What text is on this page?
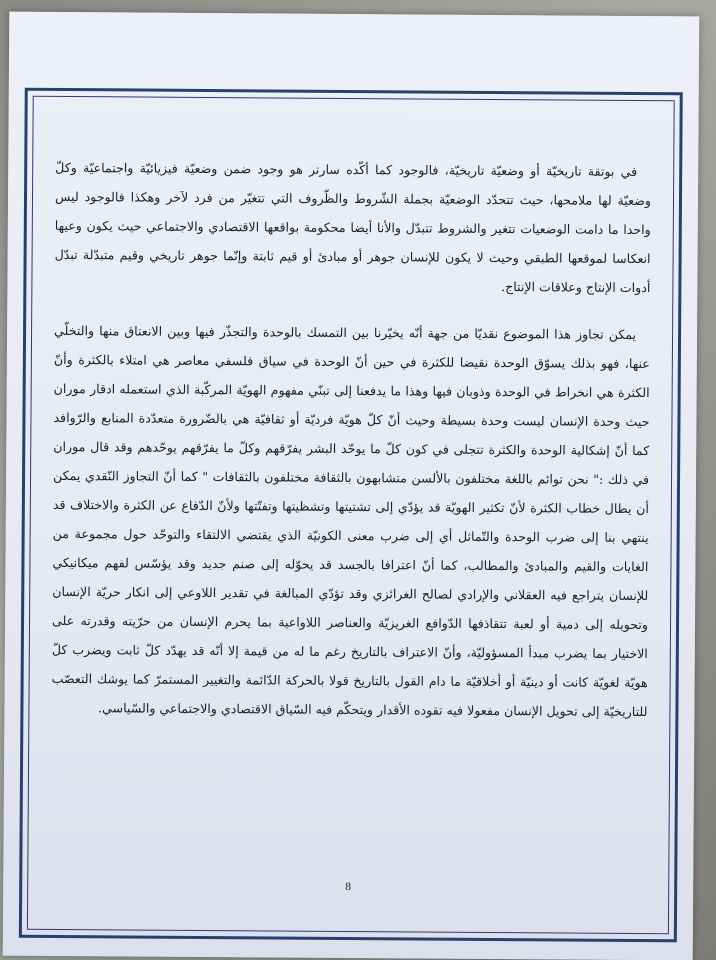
في بوتقة تاريخيّة أو وضعيّة تاريخيّة، فالوجود كما أكّده سارتر هو وجود ضمن وضعيّة فيزيائيّة واجتماعيّة وكلّ وضعيّة لها ملامحها، حيث تتحدّد الوضعيّة بجملة الشّروط والظّروف التي تتغيّر من فرد لآخر وهكذا فالوجود ليس واحدا ما دامت الوضعيات تتغير والشروط تتبدّل والأنا أيضا محكومة بواقعها الاقتصادي والاجتماعي حيث يكون وعيها انعكاسا لموقعها الطبقي وحيث لا يكون للإنسان جوهر أو مبادئ أو قيم ثابتة وإنّما جوهر تاريخي وقيم متبدّلة تبدّل أدوات الإنتاج وعلاقات الإنتاج.

يمكن تجاوز هذا الموضوع نقديّا من جهة أنّه يخيّرنا بين التمسك بالوحدة والتجذّر فيها وبين الانعتاق منها والتخلّي عنها، فهو بذلك يسوّق الوحدة نقيضا للكثرة في حين أنّ الوحدة في سياق فلسفي معاصر هي امتلاء بالكثرة وأنّ الكثرة هي انخراط في الوحدة وذوبان فيها وهذا ما يدفعنا إلى تبنّي مفهوم الهويّة المركّبة الذي استعمله ادقار موران حيث وحدة الإنسان ليست وحدة بسيطة وحيث أنّ كلّ هويّة فرديّة أو ثقافيّة هي بالضّرورة متعدّدة المنابع والرّوافد كما أنّ إشكالية الوحدة والكثرة تتجلى في كون كلّ ما يوحّد البشر يفرّقهم وكلّ ما يفرّقهم يوحّدهم وقد قال موران في ذلك :" نحن توائم باللغة مختلفون بالألسن متشابهون بالثقافة مختلفون بالثقافات " كما أنّ التجاوز النّقدي يمكن أن يطال خطاب الكثرة لأنّ تكثير الهويّة قد يؤدّي إلى تشتيتها وتشظيتها وتفتّتها ولأنّ الدّفاع عن الكثرة والاختلاف قد ينتهي بنا إلى ضرب الوحدة والتّماثل أي إلى ضرب معنى الكونيّة الذي يقتضي الالتقاء والتوحّد حول مجموعة من الغايات والقيم والمبادئ والمطالب، كما أنّ اعترافا بالجسد قد يحوّله إلى صنم جديد وقد يؤسّس لفهم ميكانيكي للإنسان يتراجع فيه العقلاني والإرادي لصالح الغرائزي وقد تؤدّي المبالغة في تقدير اللاوعي إلى انكار حريّة الإنسان وتحويله إلى دمية أو لعبة تتقاذفها الدّوافع الغريزيّة والعناصر اللاواعية بما يحرم الإنسان من حرّيته وقدرته على الاختيار بما يضرب مبدأ المسؤوليّة، وأنّ الاعتراف بالتاريخ رغم ما له من قيمة إلا أنّه قد يهدّد كلّ ثابت ويضرب كلّ هويّة لغويّة كانت أو دينيّة أو أخلاقيّة ما دام القول بالتاريخ قولا بالحركة الدّائمة والتغيير المستمرّ كما يوشك التعصّب للتاريخيّة إلى تحويل الإنسان مفعولا فيه تقوده الأقدار ويتحكّم فيه السّياق الاقتصادي والاجتماعي والسّياسي.

8
